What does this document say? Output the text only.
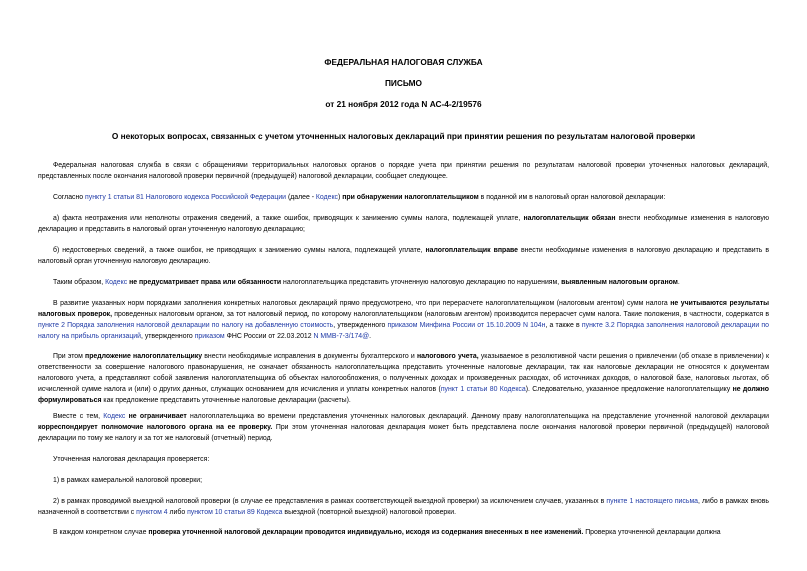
ФЕДЕРАЛЬНАЯ НАЛОГОВАЯ СЛУЖБА
ПИСЬМО
от 21 ноября 2012 года N АС-4-2/19576
О некоторых вопросах, связанных с учетом уточненных налоговых деклараций при принятии решения по результатам налоговой проверки
Федеральная налоговая служба в связи с обращениями территориальных налоговых органов о порядке учета при принятии решения по результатам налоговой проверки уточненных налоговых деклараций, представленных после окончания налоговой проверки первичной (предыдущей) налоговой декларации, сообщает следующее.
Согласно пункту 1 статьи 81 Налогового кодекса Российской Федерации (далее - Кодекс) при обнаружении налогоплательщиком в поданной им в налоговый орган налоговой декларации:
а) факта неотражения или неполноты отражения сведений, а также ошибок, приводящих к занижению суммы налога, подлежащей уплате, налогоплательщик обязан внести необходимые изменения в налоговую декларацию и представить в налоговый орган уточненную налоговую декларацию;
б) недостоверных сведений, а также ошибок, не приводящих к занижению суммы налога, подлежащей уплате, налогоплательщик вправе внести необходимые изменения в налоговую декларацию и представить в налоговый орган уточненную налоговую декларацию.
Таким образом, Кодекс не предусматривает права или обязанности налогоплательщика представить уточненную налоговую декларацию по нарушениям, выявленным налоговым органом.
В развитие указанных норм порядками заполнения конкретных налоговых деклараций прямо предусмотрено, что при перерасчете налогоплательщиком (налоговым агентом) сумм налога не учитываются результаты налоговых проверок, проведенных налоговым органом, за тот налоговый период, по которому налогоплательщиком (налоговым агентом) производится перерасчет сумм налога. Такие положения, в частности, содержатся в пункте 2 Порядка заполнения налоговой декларации по налогу на добавленную стоимость, утвержденного приказом Минфина России от 15.10.2009 N 104н, а также в пункте 3.2 Порядка заполнения налоговой декларации по налогу на прибыль организаций, утвержденного приказом ФНС России от 22.03.2012 N ММВ-7-3/174@.
При этом предложение налогоплательщику внести необходимые исправления в документы бухгалтерского и налогового учета, указываемое в резолютивной части решения о привлечении (об отказе в привлечении) к ответственности за совершение налогового правонарушения, не означает обязанность налогоплательщика представить уточненные налоговые декларации, так как налоговые декларации не относятся к документам налогового учета, а представляют собой заявления налогоплательщика об объектах налогообложения, о полученных доходах и произведенных расходах, об источниках доходов, о налоговой базе, налоговых льготах, об исчисленной сумме налога и (или) о других данных, служащих основанием для исчисления и уплаты конкретных налогов (пункт 1 статьи 80 Кодекса). Следовательно, указанное предложение налогоплательщику не должно формулироваться как предложение представить уточненные налоговые декларации (расчеты).
Вместе с тем, Кодекс не ограничивает налогоплательщика во времени представления уточненных налоговых деклараций. Данному праву налогоплательщика на представление уточненной налоговой декларации корреспондирует полномочие налогового органа на ее проверку. При этом уточненная налоговая декларация может быть представлена после окончания налоговой проверки первичной (предыдущей) налоговой декларации по тому же налогу и за тот же налоговый (отчетный) период.
Уточненная налоговая декларация проверяется:
1) в рамках камеральной налоговой проверки;
2) в рамках проводимой выездной налоговой проверки (в случае ее представления в рамках соответствующей выездной проверки) за исключением случаев, указанных в пункте 1 настоящего письма, либо в рамках вновь назначенной в соответствии с пунктом 4 либо пунктом 10 статьи 89 Кодекса выездной (повторной выездной) налоговой проверки.
В каждом конкретном случае проверка уточненной налоговой декларации проводится индивидуально, исходя из содержания внесенных в нее изменений. Проверка уточненной декларации должна
